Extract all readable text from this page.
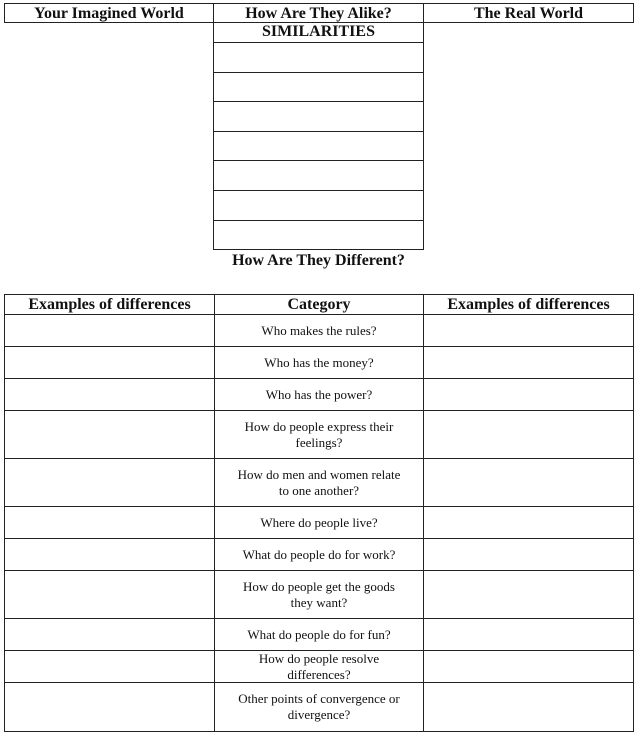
Your Imagined World	How Are They Alike?	The Real World
SIMILARITIES
How Are They Different?
Examples of differences	Category	Examples of differences
Who makes the rules?
Who has the money?
Who has the power?
How do people express their feelings?
How do men and women relate to one another?
Where do people live?
What do people do for work?
How do people get the goods they want?
What do people do for fun?
How do people resolve differences?
Other points of convergence or divergence?
